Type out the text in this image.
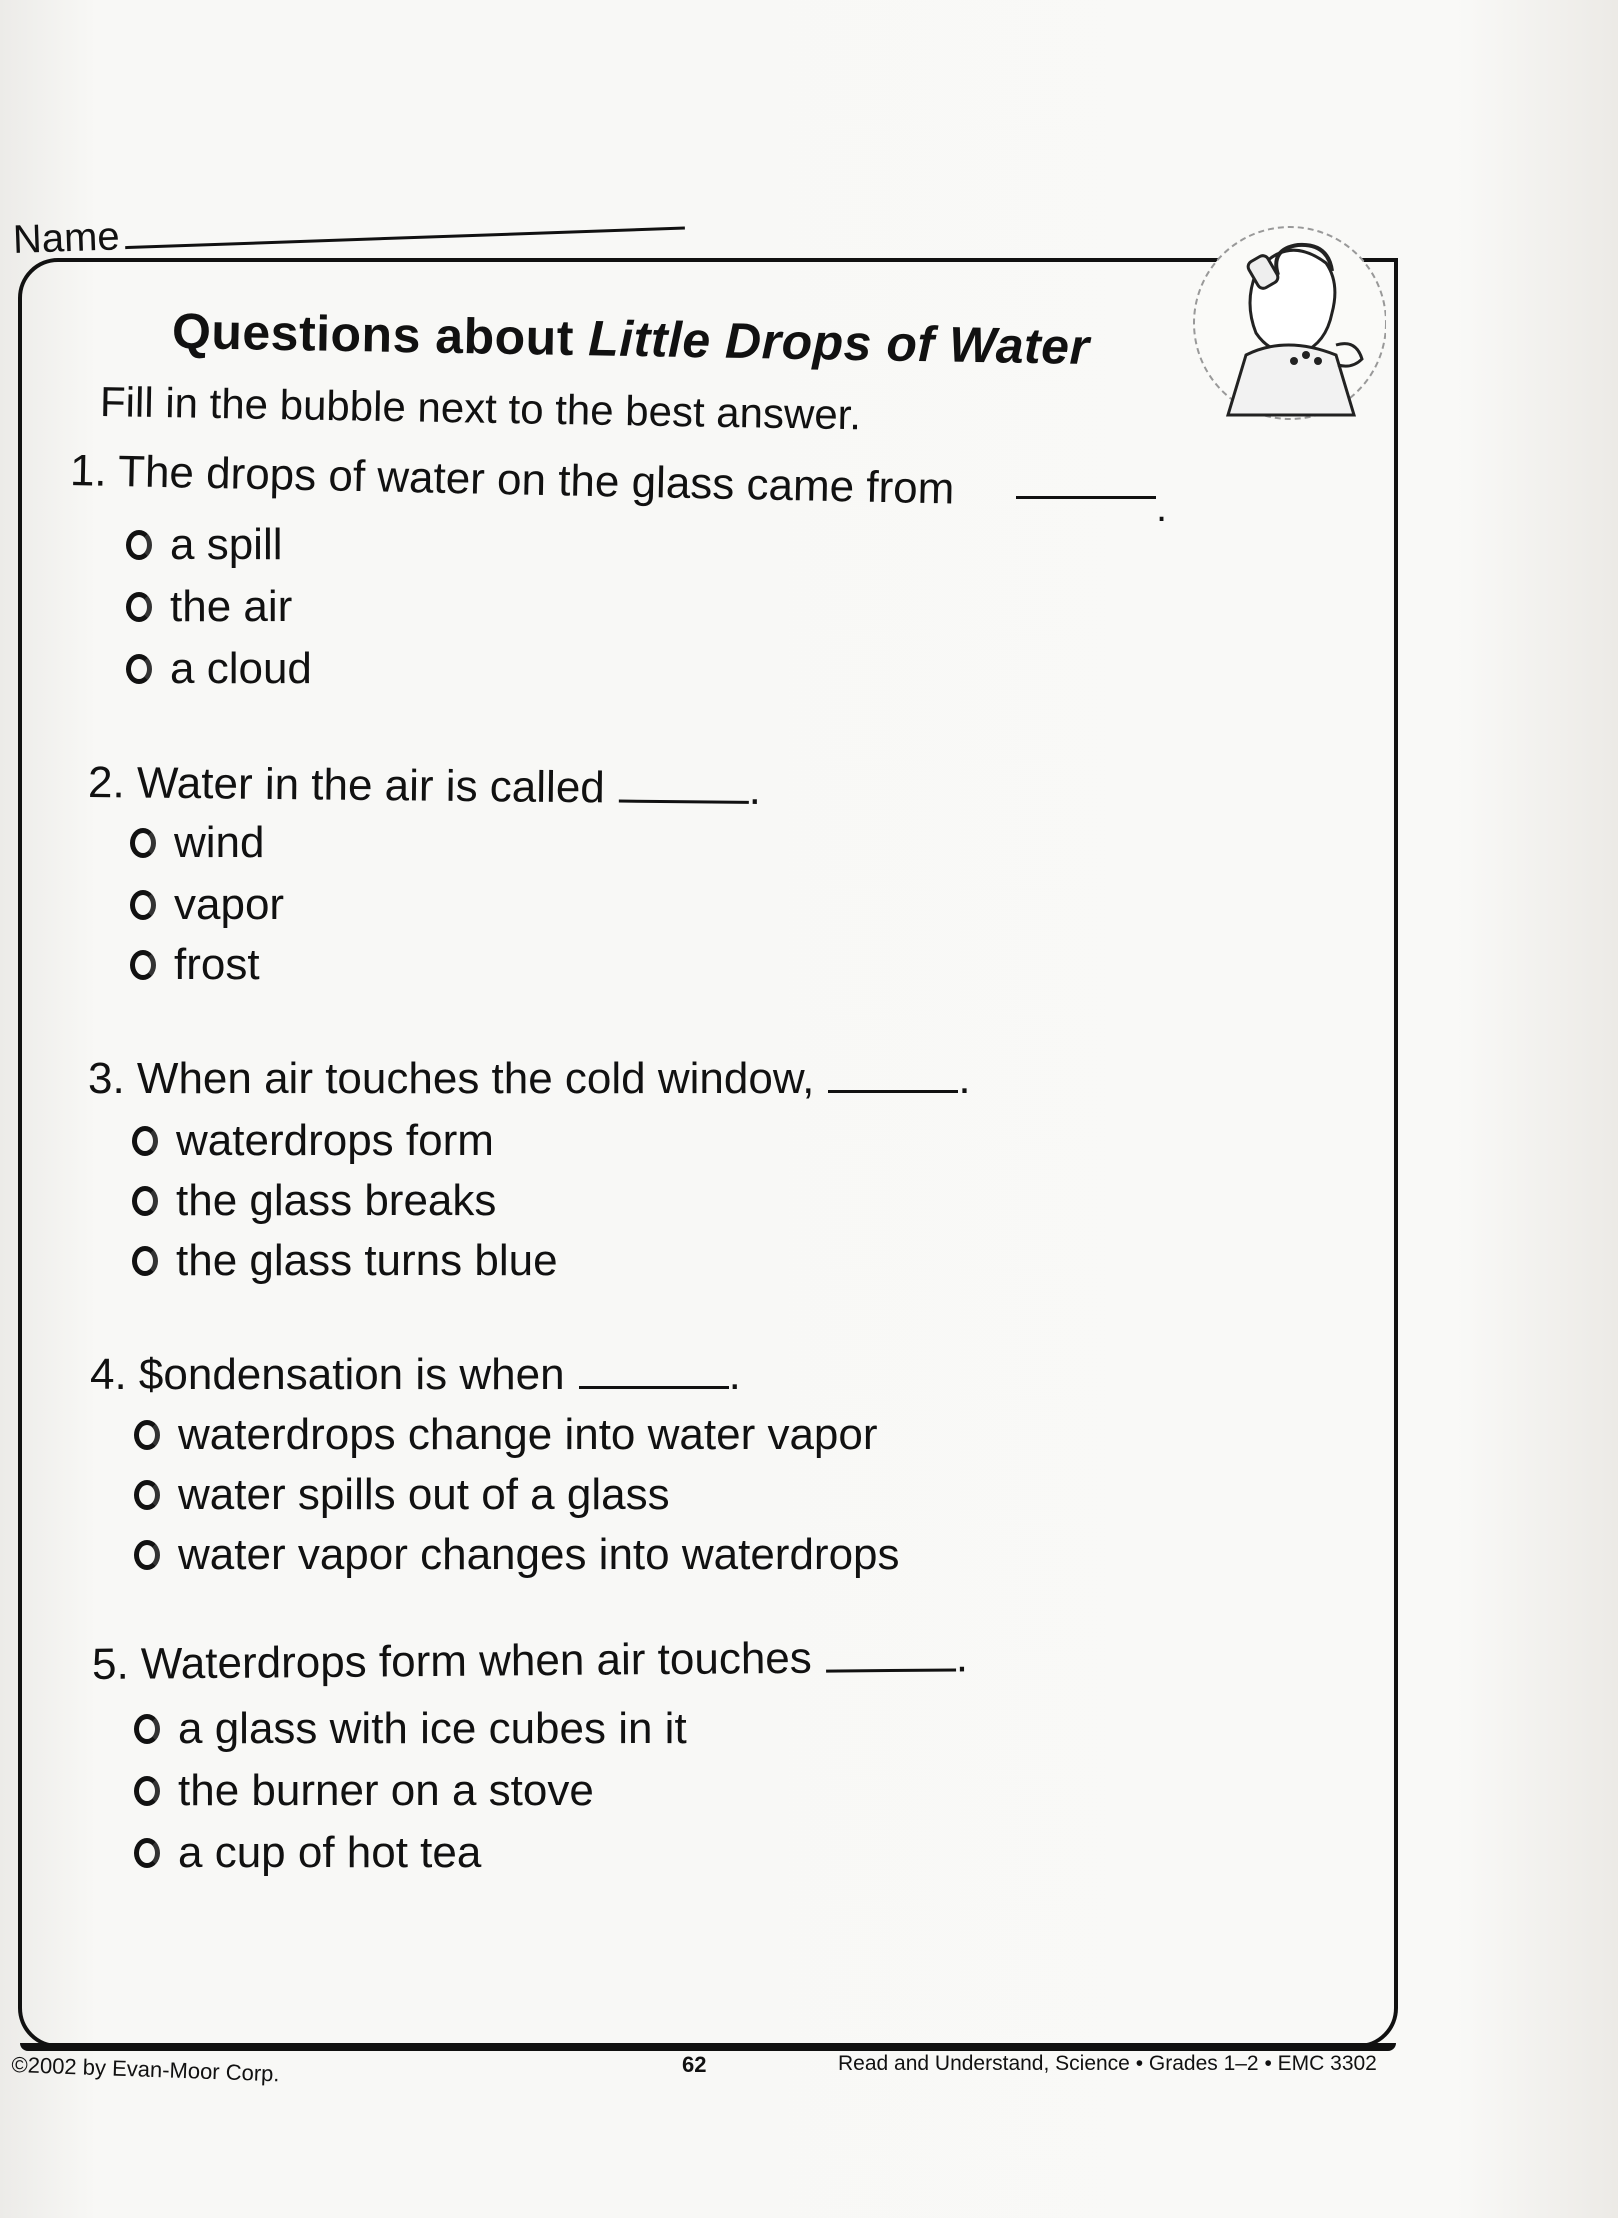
Name
Questions about Little Drops of Water
Fill in the bubble next to the best answer.
1. The drops of water on the glass came from	.
a spill
the air
a cloud
2. Water in the air is called	.
wind
vapor
frost
3. When air touches the cold window,	.
waterdrops form
the glass breaks
the glass turns blue
4. $ondensation is when	.
waterdrops change into water vapor
water spills out of a glass
water vapor changes into waterdrops
5. Waterdrops form when air touches	.
a glass with ice cubes in it
the burner on a stove
a cup of hot tea
©2002 by Evan-Moor Corp.	62	Read and Understand, Science • Grades 1–2 • EMC 3302
